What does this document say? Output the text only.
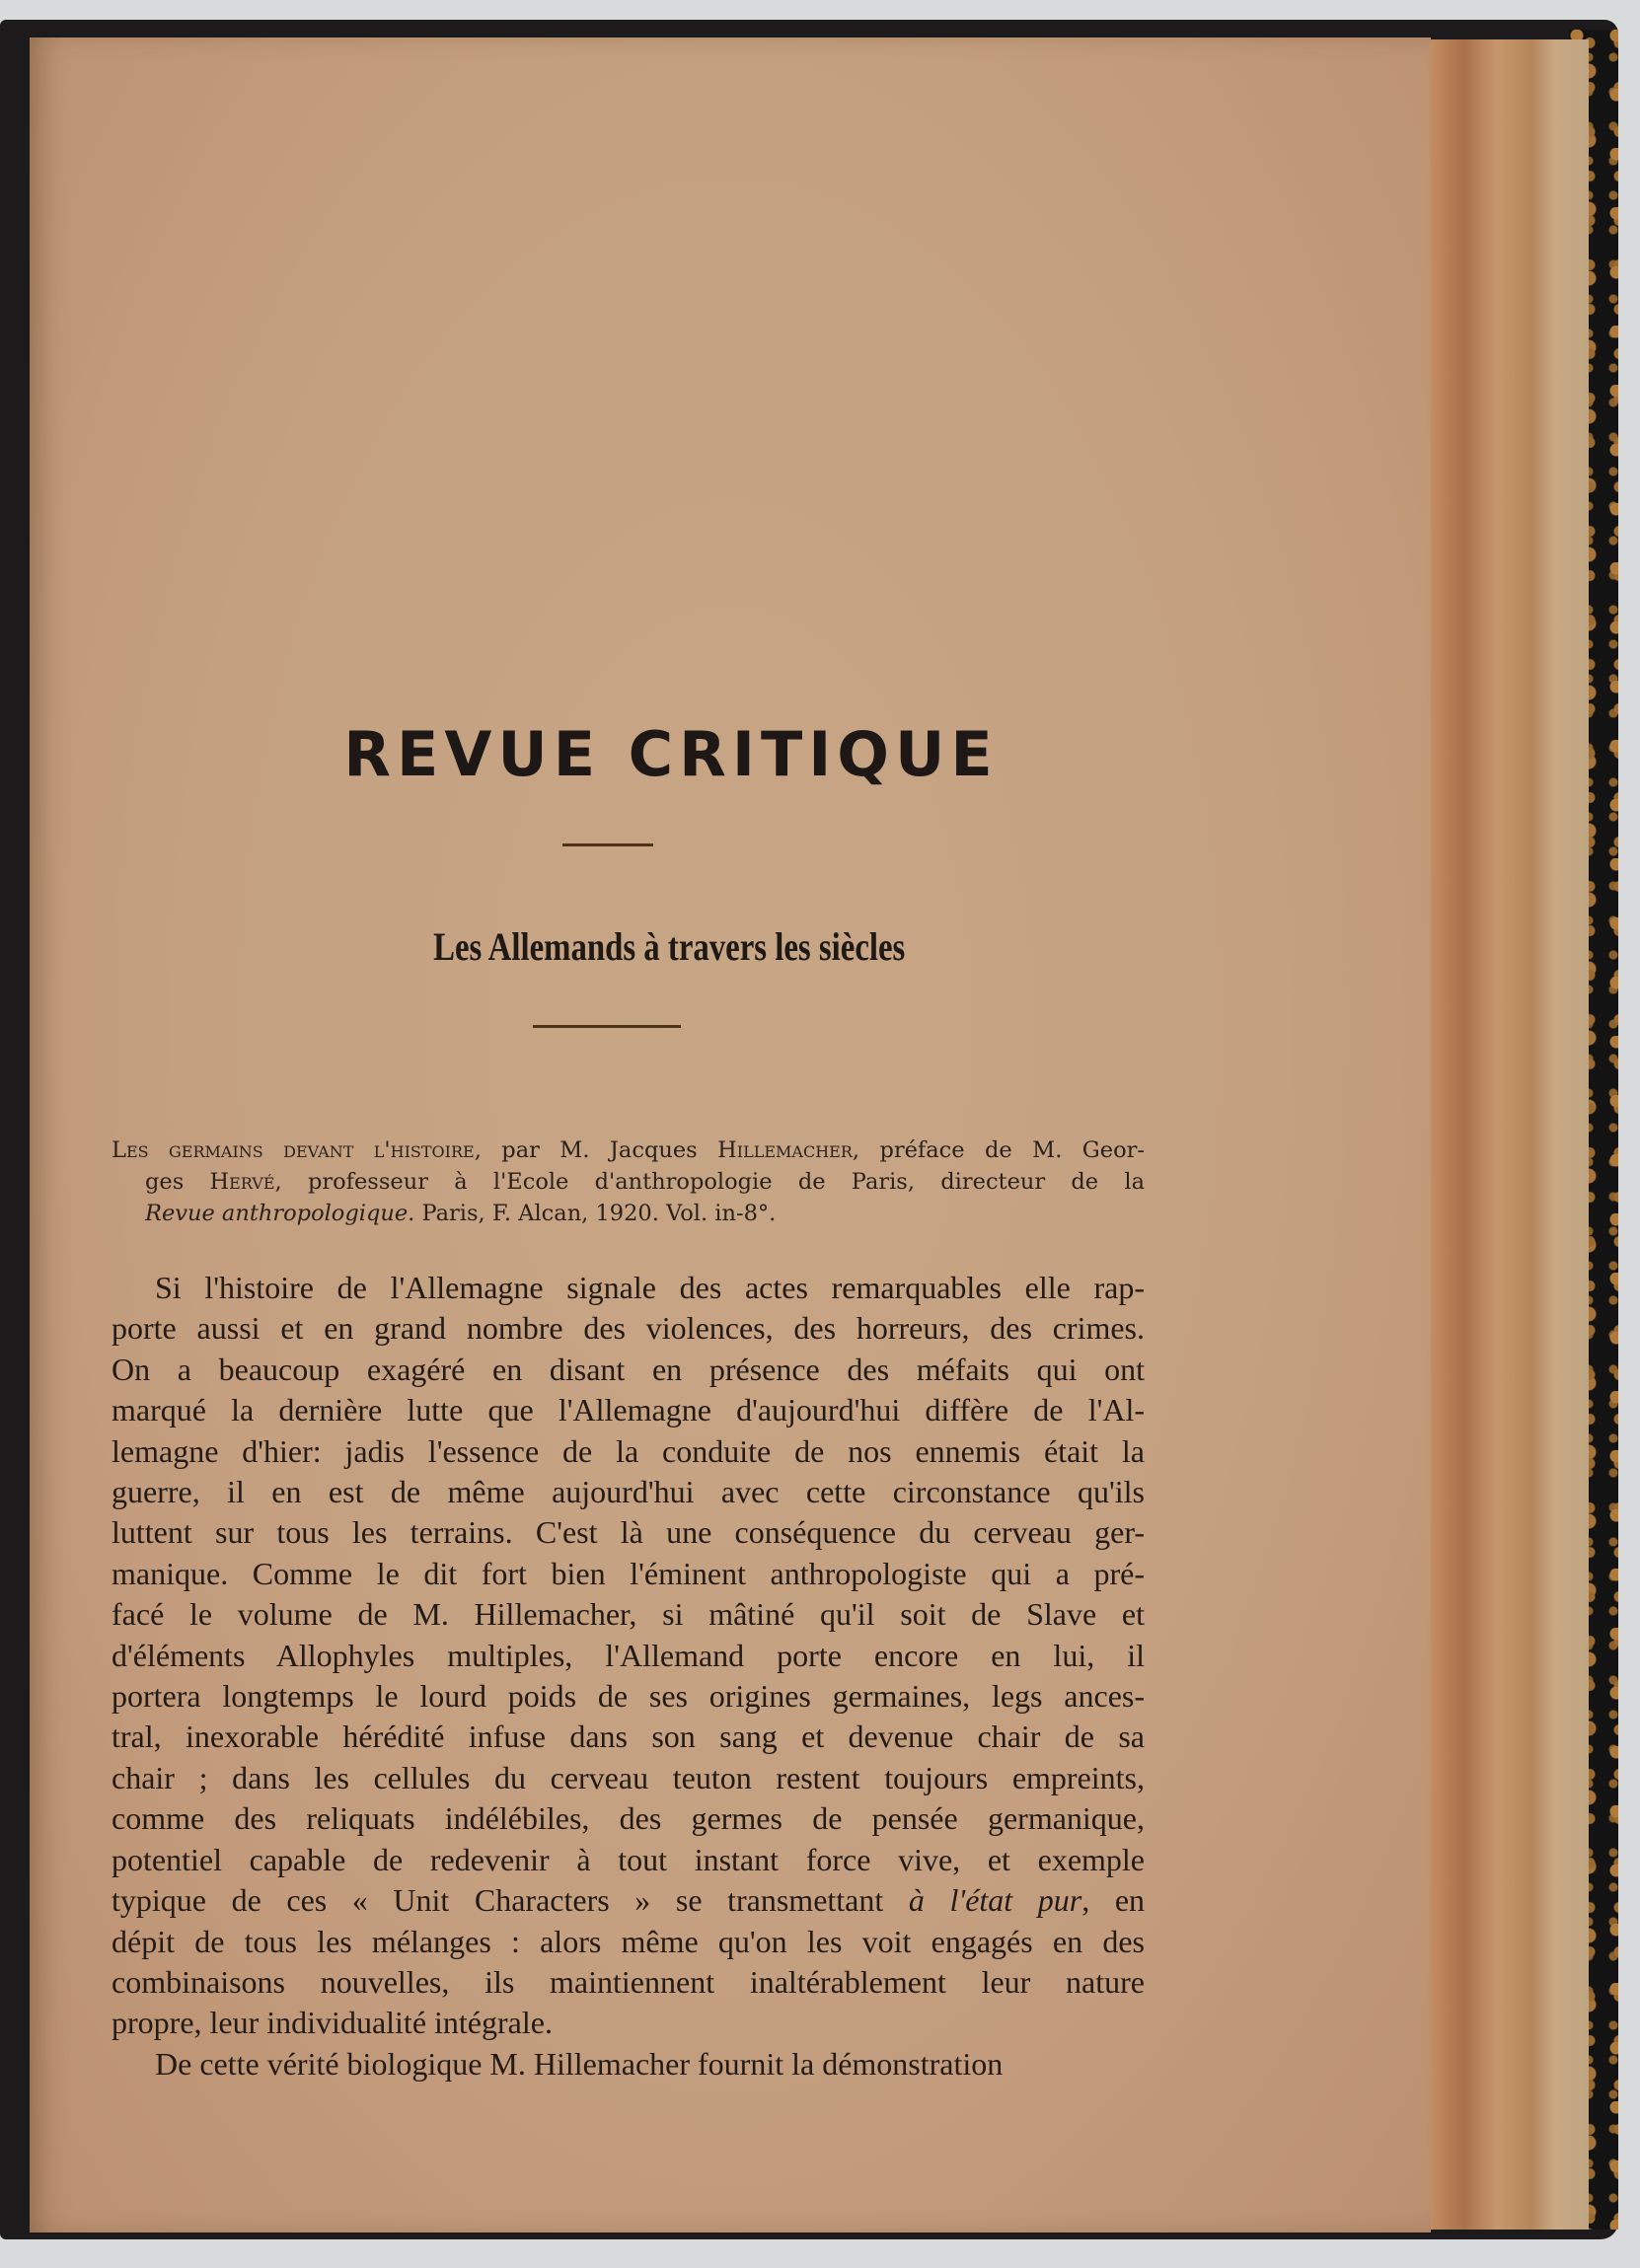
REVUE CRITIQUE
Les Allemands à travers les siècles
Les germains devant l'histoire, par M. Jacques Hillemacher, préface de M. Geor-
ges Hervé, professeur à l'Ecole d'anthropologie de Paris, directeur de la
Revue anthropologique. Paris, F. Alcan, 1920. Vol. in-8°.
Si l'histoire de l'Allemagne signale des actes remarquables elle rap-
porte aussi et en grand nombre des violences, des horreurs, des crimes.
On a beaucoup exagéré en disant en présence des méfaits qui ont
marqué la dernière lutte que l'Allemagne d'aujourd'hui diffère de l'Al-
lemagne d'hier: jadis l'essence de la conduite de nos ennemis était la
guerre, il en est de même aujourd'hui avec cette circonstance qu'ils
luttent sur tous les terrains. C'est là une conséquence du cerveau ger-
manique. Comme le dit fort bien l'éminent anthropologiste qui a pré-
facé le volume de M. Hillemacher, si mâtiné qu'il soit de Slave et
d'éléments Allophyles multiples, l'Allemand porte encore en lui, il
portera longtemps le lourd poids de ses origines germaines, legs ances-
tral, inexorable hérédité infuse dans son sang et devenue chair de sa
chair ; dans les cellules du cerveau teuton restent toujours empreints,
comme des reliquats indélébiles, des germes de pensée germanique,
potentiel capable de redevenir à tout instant force vive, et exemple
typique de ces « Unit Characters » se transmettant à l'état pur, en
dépit de tous les mélanges : alors même qu'on les voit engagés en des
combinaisons nouvelles, ils maintiennent inaltérablement leur nature
propre, leur individualité intégrale.
De cette vérité biologique M. Hillemacher fournit la démonstration
